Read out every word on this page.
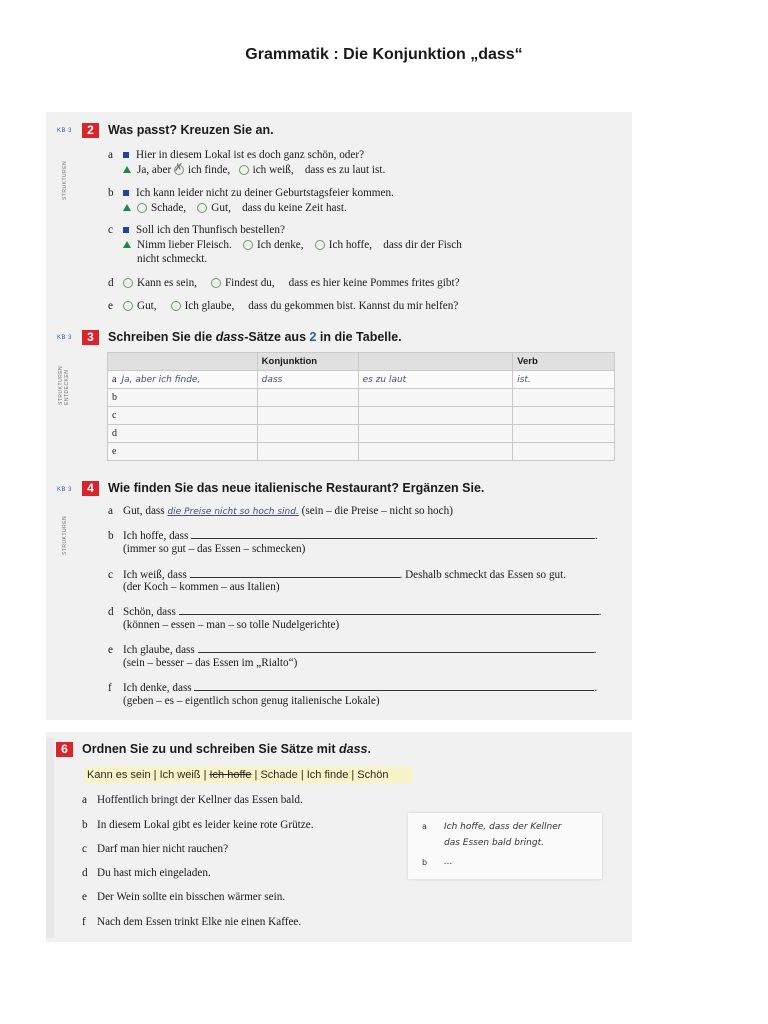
Grammatik : Die Konjunktion „dass“
KB 3	2	Was passt? Kreuzen Sie an.
STRUKTUREN
a Hier in diesem Lokal ist es doch ganz schön, oder?
Ja, aber ✗ ich finde, ich weiß, dass es zu laut ist.
b Ich kann leider nicht zu deiner Geburtstagsfeier kommen.
Schade, Gut, dass du keine Zeit hast.
c Soll ich den Thunfisch bestellen?
Nimm lieber Fleisch. Ich denke, Ich hoffe, dass dir der Fisch
nicht schmeckt.
d Kann es sein, Findest du, dass es hier keine Pommes frites gibt?
e Gut, Ich glaube, dass du gekommen bist. Kannst du mir helfen?
KB 3	3	Schreiben Sie die dass-Sätze aus 2 in die Tabelle.
STRUKTUREN ENTDECKEN
	Konjunktion		Verb
a Ja, aber ich finde,	dass	es zu laut	ist.
b			
c			
d			
e			
KB 3	4	Wie finden Sie das neue italienische Restaurant? Ergänzen Sie.
STRUKTUREN
a Gut, dass die Preise nicht so hoch sind. (sein – die Preise – nicht so hoch)
b Ich hoffe, dass	.
(immer so gut – das Essen – schmecken)
c Ich weiß, dass	. Deshalb schmeckt das Essen so gut.
(der Koch – kommen – aus Italien)
d Schön, dass	.
(können – essen – man – so tolle Nudelgerichte)
e Ich glaube, dass	.
(sein – besser – das Essen im „Rialto“)
f Ich denke, dass	.
(geben – es – eigentlich schon genug italienische Lokale)
6	Ordnen Sie zu und schreiben Sie Sätze mit dass.
Kann es sein | Ich weiß | Ich hoffe | Schade | Ich finde | Schön
a Hoffentlich bringt der Kellner das Essen bald.
b In diesem Lokal gibt es leider keine rote Grütze.
c Darf man hier nicht rauchen?
d Du hast mich eingeladen.
e Der Wein sollte ein bisschen wärmer sein.
f Nach dem Essen trinkt Elke nie einen Kaffee.
a Ich hoffe, dass der Kellner
das Essen bald bringt.
b ...
